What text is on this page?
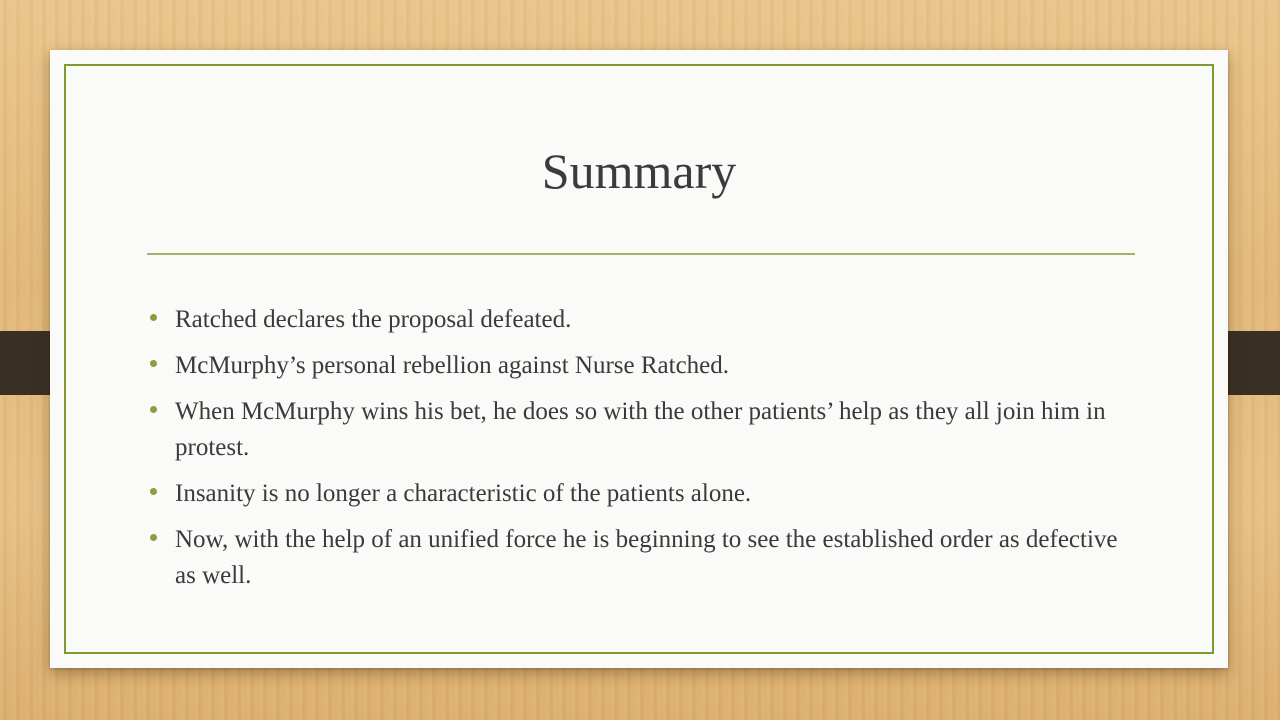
Summary
Ratched declares the proposal defeated.
McMurphy’s personal rebellion against Nurse Ratched.
When McMurphy wins his bet, he does so with the other patients’ help as they all join him in protest.
Insanity is no longer a characteristic of the patients alone.
Now, with the help of an unified force he is beginning to see the established order as defective as well.
